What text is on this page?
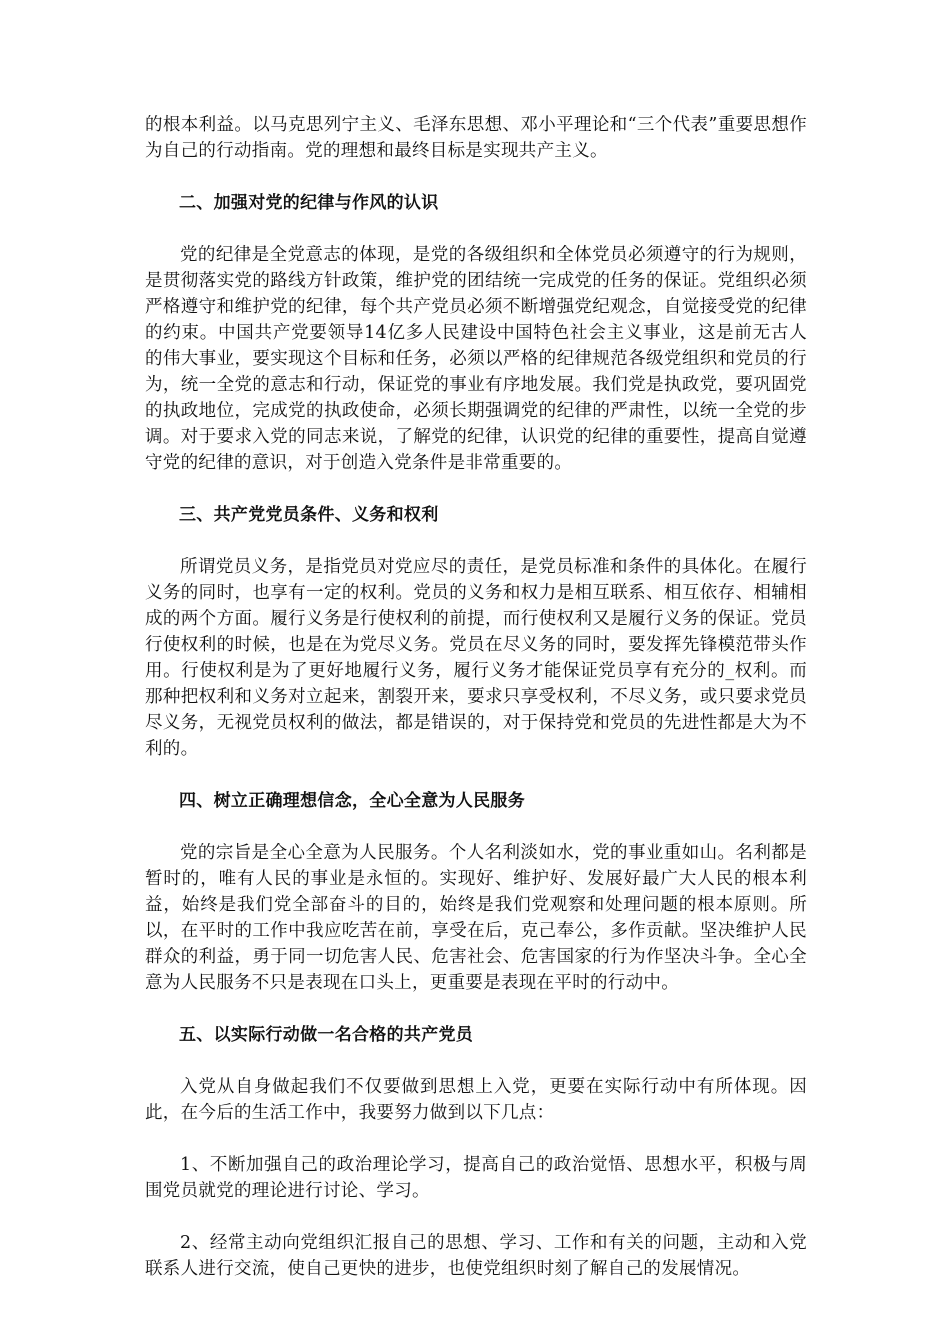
的根本利益。以马克思列宁主义、毛泽东思想、邓小平理论和“三个代表”重要思想作为自己的行动指南。党的理想和最终目标是实现共产主义。

二、加强对党的纪律与作风的认识

党的纪律是全党意志的体现，是党的各级组织和全体党员必须遵守的行为规则，是贯彻落实党的路线方针政策，维护党的团结统一完成党的任务的保证。党组织必须严格遵守和维护党的纪律，每个共产党员必须不断增强党纪观念，自觉接受党的纪律的约束。中国共产党要领导14亿多人民建设中国特色社会主义事业，这是前无古人的伟大事业，要实现这个目标和任务，必须以严格的纪律规范各级党组织和党员的行为，统一全党的意志和行动，保证党的事业有序地发展。我们党是执政党，要巩固党的执政地位，完成党的执政使命，必须长期强调党的纪律的严肃性，以统一全党的步调。对于要求入党的同志来说，了解党的纪律，认识党的纪律的重要性，提高自觉遵守党的纪律的意识，对于创造入党条件是非常重要的。

三、共产党党员条件、义务和权利

所谓党员义务，是指党员对党应尽的责任，是党员标准和条件的具体化。在履行义务的同时，也享有一定的权利。党员的义务和权力是相互联系、相互依存、相辅相成的两个方面。履行义务是行使权利的前提，而行使权利又是履行义务的保证。党员行使权利的时候，也是在为党尽义务。党员在尽义务的同时，要发挥先锋模范带头作用。行使权利是为了更好地履行义务，履行义务才能保证党员享有充分的_权利。而那种把权利和义务对立起来，割裂开来，要求只享受权利，不尽义务，或只要求党员尽义务，无视党员权利的做法，都是错误的，对于保持党和党员的先进性都是大为不利的。

四、树立正确理想信念，全心全意为人民服务

党的宗旨是全心全意为人民服务。个人名利淡如水，党的事业重如山。名利都是暂时的，唯有人民的事业是永恒的。实现好、维护好、发展好最广大人民的根本利益，始终是我们党全部奋斗的目的，始终是我们党观察和处理问题的根本原则。所以，在平时的工作中我应吃苦在前，享受在后，克己奉公，多作贡献。坚决维护人民群众的利益，勇于同一切危害人民、危害社会、危害国家的行为作坚决斗争。全心全意为人民服务不只是表现在口头上，更重要是表现在平时的行动中。

五、以实际行动做一名合格的共产党员

入党从自身做起我们不仅要做到思想上入党，更要在实际行动中有所体现。因此，在今后的生活工作中，我要努力做到以下几点：

1、不断加强自己的政治理论学习，提高自己的政治觉悟、思想水平，积极与周围党员就党的理论进行讨论、学习。

2、经常主动向党组织汇报自己的思想、学习、工作和有关的问题，主动和入党联系人进行交流，使自己更快的进步，也使党组织时刻了解自己的发展情况。
